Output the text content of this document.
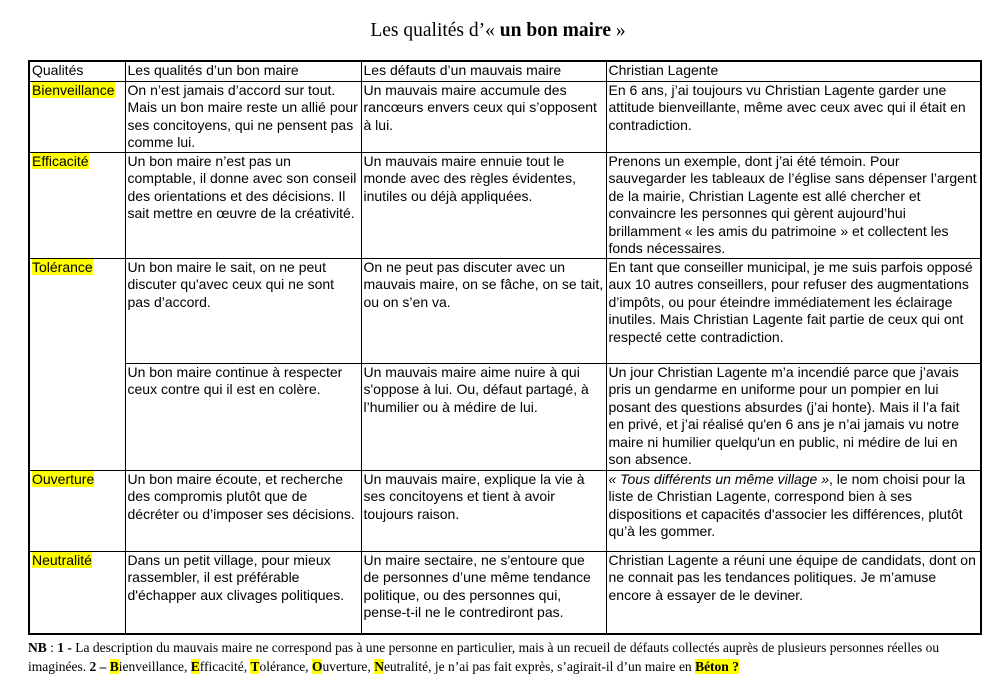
Les qualités d’« un bon maire »
Qualités	Les qualités d’un bon maire	Les défauts d’un mauvais maire	Christian Lagente
Bienveillance	On n’est jamais d’accord sur tout. Mais un bon maire reste un allié pour ses concitoyens, qui ne pensent pas comme lui.	Un mauvais maire accumule des rancœurs envers ceux qui s’opposent à lui.	En 6 ans, j’ai toujours vu Christian Lagente garder une attitude bienveillante, même avec ceux avec qui il était en contradiction.
Efficacité	Un bon maire n’est pas un comptable, il donne avec son conseil des orientations et des décisions. Il sait mettre en œuvre de la créativité.	Un mauvais maire ennuie tout le monde avec des règles évidentes, inutiles ou déjà appliquées.	Prenons un exemple, dont j’ai été témoin. Pour sauvegarder les tableaux de l’église sans dépenser l’argent de la mairie, Christian Lagente est allé chercher et convaincre les personnes qui gèrent aujourd’hui brillamment « les amis du patrimoine » et collectent les fonds nécessaires.
Tolérance	Un bon maire le sait, on ne peut discuter qu'avec ceux qui ne sont pas d’accord.	On ne peut pas discuter avec un mauvais maire, on se fâche, on se tait, ou on s’en va.	En tant que conseiller municipal, je me suis parfois opposé aux 10 autres conseillers, pour refuser des augmentations d’impôts, ou pour éteindre immédiatement les éclairage inutiles. Mais Christian Lagente fait partie de ceux qui ont respecté cette contradiction.
	Un bon maire continue à respecter ceux contre qui il est en colère.	Un mauvais maire aime nuire à qui s'oppose à lui. Ou, défaut partagé, à l’humilier ou à médire de lui.	Un jour Christian Lagente m’a incendié parce que j’avais pris un gendarme en uniforme pour un pompier en lui posant des questions absurdes (j’ai honte). Mais il l’a fait en privé, et j’ai réalisé qu'en 6 ans je n’ai jamais vu notre maire ni humilier quelqu'un en public, ni médire de lui en son absence.
Ouverture	Un bon maire écoute, et recherche des compromis plutôt que de décréter ou d’imposer ses décisions.	Un mauvais maire, explique la vie à ses concitoyens et tient à avoir toujours raison.	« Tous différents un même village », le nom choisi pour la liste de Christian Lagente, correspond bien à ses dispositions et capacités d'associer les différences, plutôt qu’à les gommer.
Neutralité	Dans un petit village, pour mieux rassembler, il est préférable d'échapper aux clivages politiques.	Un maire sectaire, ne s'entoure que de personnes d’une même tendance politique, ou des personnes qui, pense-t-il ne le contrediront pas.	Christian Lagente a réuni une équipe de candidats, dont on ne connait pas les tendances politiques. Je m’amuse encore à essayer de le deviner.
NB : 1 - La description du mauvais maire ne correspond pas à une personne en particulier, mais à un recueil de défauts collectés auprès de plusieurs personnes réelles ou imaginées. 2 – Bienveillance, Efficacité, Tolérance, Ouverture, Neutralité, je n’ai pas fait exprès, s’agirait-il d’un maire en Béton ?
